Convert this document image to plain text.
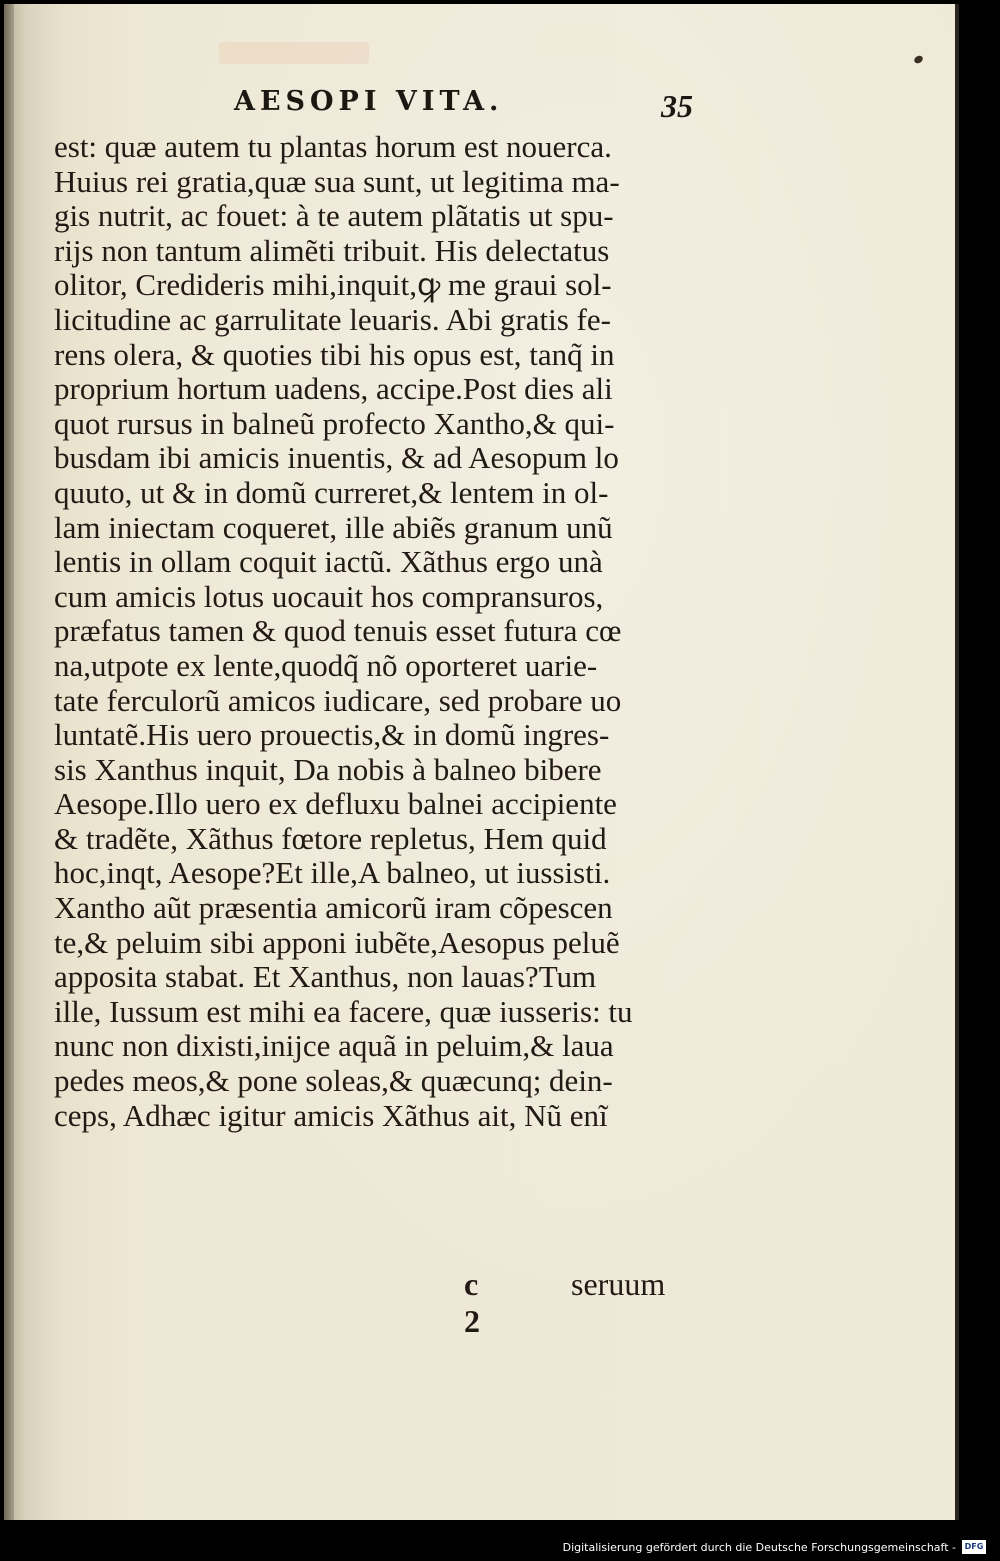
AESOPI VITA.	35

est: quæ autem tu plantas horum est nouerca.
Huius rei gratia,quæ sua sunt, ut legitima ma-
gis nutrit, ac fouet: à te autem plãtatis ut spu-
rijs non tantum alimẽti tribuit. His delectatus
olitor, Credideris mihi,inquit,ꝙ me graui sol-
licitudine ac garrulitate leuaris. Abi gratis fe-
rens olera, & quoties tibi his opus est, tanq̃ in
proprium hortum uadens, accipe.Post dies ali
quot rursus in balneũ profecto Xantho,& qui-
busdam ibi amicis inuentis, & ad Aesopum lo
quuto, ut & in domũ curreret,& lentem in ol-
lam iniectam coqueret, ille abiẽs granum unũ
lentis in ollam coquit iactũ. Xãthus ergo unà
cum amicis lotus uocauit hos compransuros,
præfatus tamen & quod tenuis esset futura cœ
na,utpote ex lente,quodq̃ nõ oporteret uarie-
tate ferculorũ amicos iudicare, sed probare uo
luntatẽ.His uero prouectis,& in domũ ingres-
sis Xanthus inquit, Da nobis à balneo bibere
Aesope.Illo uero ex defluxu balnei accipiente
& tradẽte, Xãthus fœtore repletus, Hem quid
hoc,inqt, Aesope?Et ille,A balneo, ut iussisti.
Xantho aũt præsentia amicorũ iram cõpescen
te,& peluim sibi apponi iubẽte,Aesopus peluẽ
apposita stabat. Et Xanthus, non lauas?Tum
ille, Iussum est mihi ea facere, quæ iusseris: tu
nunc non dixisti,inijce aquã in peluim,& laua
pedes meos,& pone soleas,& quæcunq; dein-
ceps, Adhæc igitur amicis Xãthus ait, Nũ enĩ

c 2
seruum
Digitalisierung gefördert durch die Deutsche Forschungsgemeinschaft -	DFG
